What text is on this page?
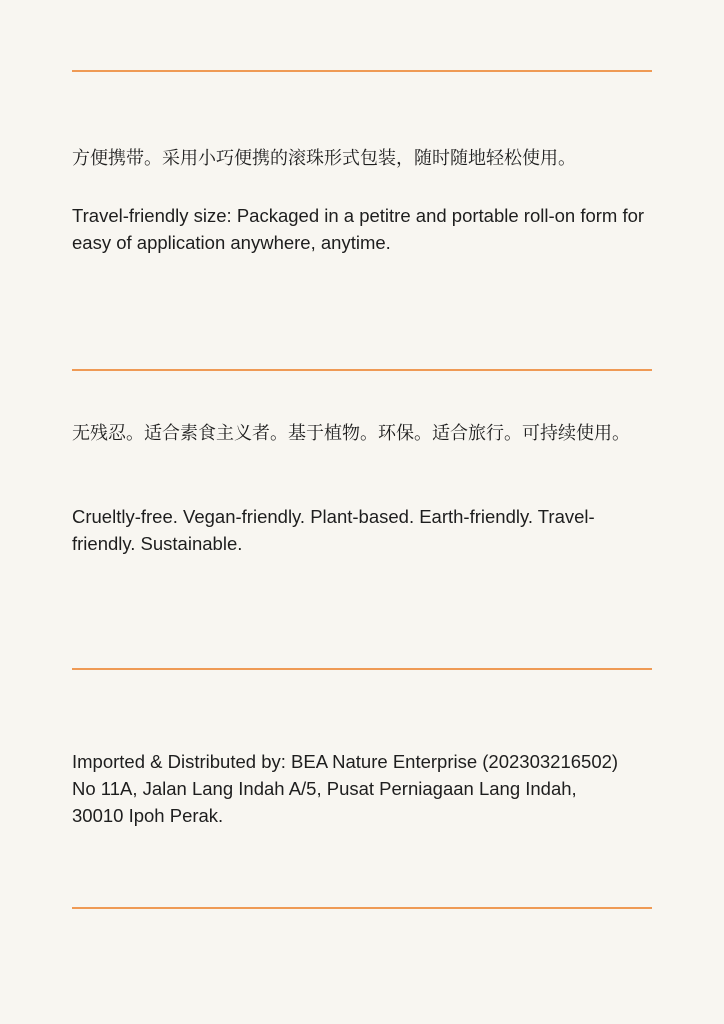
方便携带。采用小巧便携的滚珠形式包装，随时随地轻松使用。

Travel-friendly size: Packaged in a petitre and portable roll-on form for easy of application anywhere, anytime.

无残忍。适合素食主义者。基于植物。环保。适合旅行。可持续使用。

Crueltly-free. Vegan-friendly. Plant-based. Earth-friendly. Travel-friendly. Sustainable.

Imported & Distributed by: BEA Nature Enterprise (202303216502)
No 11A, Jalan Lang Indah A/5, Pusat Perniagaan Lang Indah,
30010 Ipoh Perak.
